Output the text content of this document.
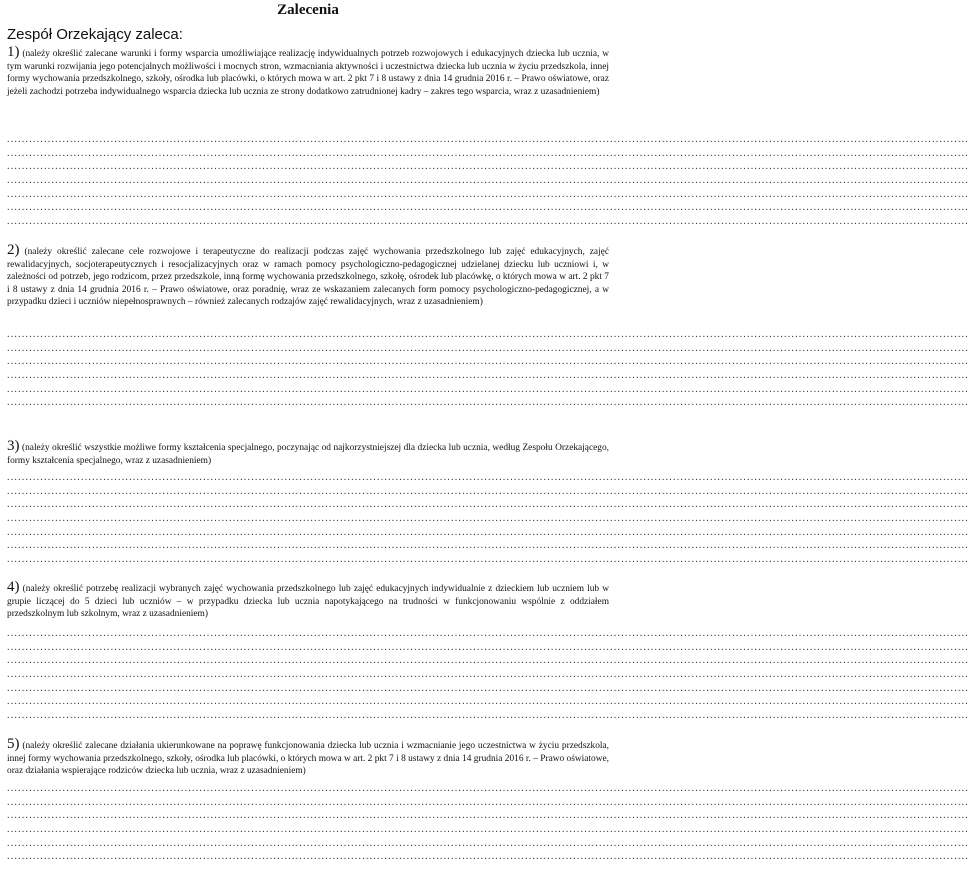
Zalecenia
Zespół Orzekający zaleca:

1) (należy określić zalecane warunki i formy wsparcia umożliwiające realizację indywidualnych potrzeb rozwojowych i edukacyjnych dziecka lub ucznia, w tym warunki rozwijania jego potencjalnych możliwości i mocnych stron, wzmacniania aktywności i uczestnictwa dziecka lub ucznia w życiu przedszkola, innej formy wychowania przedszkolnego, szkoły, ośrodka lub placówki, o których mowa w art. 2 pkt 7 i 8 ustawy z dnia 14 grudnia 2016 r. – Prawo oświatowe, oraz jeżeli zachodzi potrzeba indywidualnego wsparcia dziecka lub ucznia ze strony dodatkowo zatrudnionej kadry – zakres tego wsparcia, wraz z uzasadnieniem)

....................................................................................................................................................................................................................................................................
....................................................................................................................................................................................................................................................................
....................................................................................................................................................................................................................................................................
....................................................................................................................................................................................................................................................................
....................................................................................................................................................................................................................................................................
....................................................................................................................................................................................................................................................................
....................................................................................................................................................................................................................................................................

2) (należy określić zalecane cele rozwojowe i terapeutyczne do realizacji podczas zajęć wychowania przedszkolnego lub zajęć edukacyjnych, zajęć rewalidacyjnych, socjoterapeutycznych i resocjalizacyjnych oraz w ramach pomocy psychologiczno-pedagogicznej udzielanej dziecku lub uczniowi i, w zależności od potrzeb, jego rodzicom, przez przedszkole, inną formę wychowania przedszkolnego, szkołę, ośrodek lub placówkę, o których mowa w art. 2 pkt 7 i 8 ustawy z dnia 14 grudnia 2016 r. – Prawo oświatowe, oraz poradnię, wraz ze wskazaniem zalecanych form pomocy psychologiczno-pedagogicznej, a w przypadku dzieci i uczniów niepełnosprawnych – również zalecanych rodzajów zajęć rewalidacyjnych, wraz z uzasadnieniem)

....................................................................................................................................................................................................................................................................
....................................................................................................................................................................................................................................................................
....................................................................................................................................................................................................................................................................
....................................................................................................................................................................................................................................................................
....................................................................................................................................................................................................................................................................
....................................................................................................................................................................................................................................................................

3) (należy określić wszystkie możliwe formy kształcenia specjalnego, poczynając od najkorzystniejszej dla dziecka lub ucznia, według Zespołu Orzekającego, formy kształcenia specjalnego, wraz z uzasadnieniem)

....................................................................................................................................................................................................................................................................
....................................................................................................................................................................................................................................................................
....................................................................................................................................................................................................................................................................
....................................................................................................................................................................................................................................................................
....................................................................................................................................................................................................................................................................
....................................................................................................................................................................................................................................................................
....................................................................................................................................................................................................................................................................

4) (należy określić potrzebę realizacji wybranych zajęć wychowania przedszkolnego lub zajęć edukacyjnych indywidualnie z dzieckiem lub uczniem lub w grupie liczącej do 5 dzieci lub uczniów – w przypadku dziecka lub ucznia napotykającego na trudności w funkcjonowaniu wspólnie z oddziałem przedszkolnym lub szkolnym, wraz z uzasadnieniem)

....................................................................................................................................................................................................................................................................
....................................................................................................................................................................................................................................................................
....................................................................................................................................................................................................................................................................
....................................................................................................................................................................................................................................................................
....................................................................................................................................................................................................................................................................
....................................................................................................................................................................................................................................................................
....................................................................................................................................................................................................................................................................

5) (należy określić zalecane działania ukierunkowane na poprawę funkcjonowania dziecka lub ucznia i wzmacnianie jego uczestnictwa w życiu przedszkola, innej formy wychowania przedszkolnego, szkoły, ośrodka lub placówki, o których mowa w art. 2 pkt 7 i 8 ustawy z dnia 14 grudnia 2016 r. – Prawo oświatowe, oraz działania wspierające rodziców dziecka lub ucznia, wraz z uzasadnieniem)

....................................................................................................................................................................................................................................................................
....................................................................................................................................................................................................................................................................
....................................................................................................................................................................................................................................................................
....................................................................................................................................................................................................................................................................
....................................................................................................................................................................................................................................................................
....................................................................................................................................................................................................................................................................
